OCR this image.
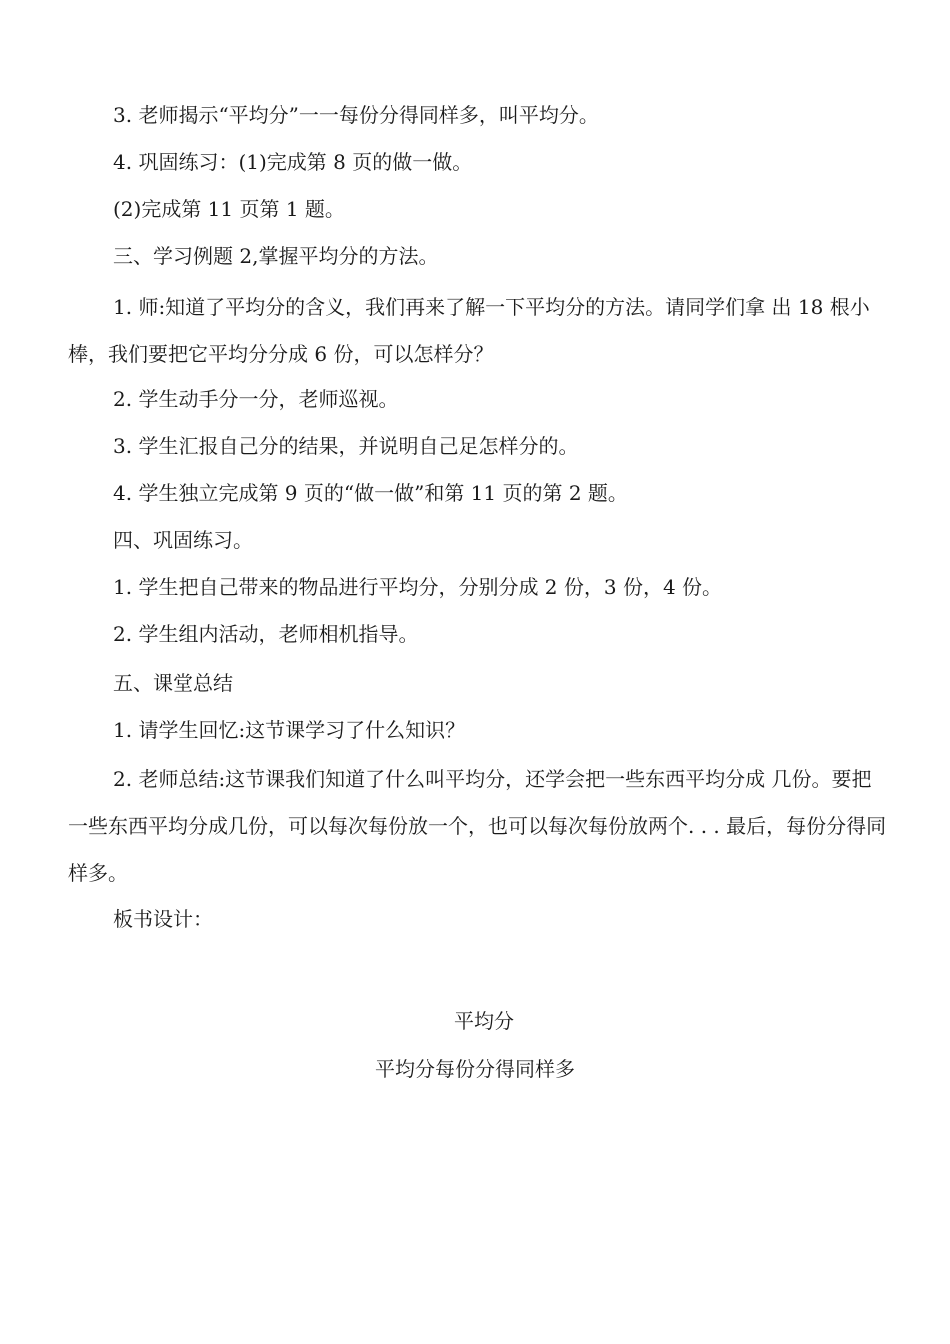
3. 老师揭示“平均分”一一每份分得同样多，叫平均分。

4. 巩固练习：(1)完成第 8 页的做一做。

(2)完成第 11 页第 1 题。

三、学习例题 2,掌握平均分的方法。

1. 师:知道了平均分的含义，我们再来了解一下平均分的方法。请同学们拿 出 18 根小棒，我们要把它平均分分成 6 份，可以怎样分？

2. 学生动手分一分，老师巡视。

3. 学生汇报自己分的结果，并说明自己足怎样分的。

4. 学生独立完成第 9 页的“做一做”和第 11 页的第 2 题。

四、巩固练习。

1. 学生把自己带来的物品进行平均分，分别分成 2 份，3 份，4 份。

2. 学生组内活动，老师相机指导。

五、课堂总结

1. 请学生回忆:这节课学习了什么知识？

2. 老师总结:这节课我们知道了什么叫平均分，还学会把一些东西平均分成 几份。要把一些东西平均分成几份，可以每次每份放一个，也可以每次每份放两个. . . 最后，每份分得同样多。

板书设计：

平均分

平均分每份分得同样多
